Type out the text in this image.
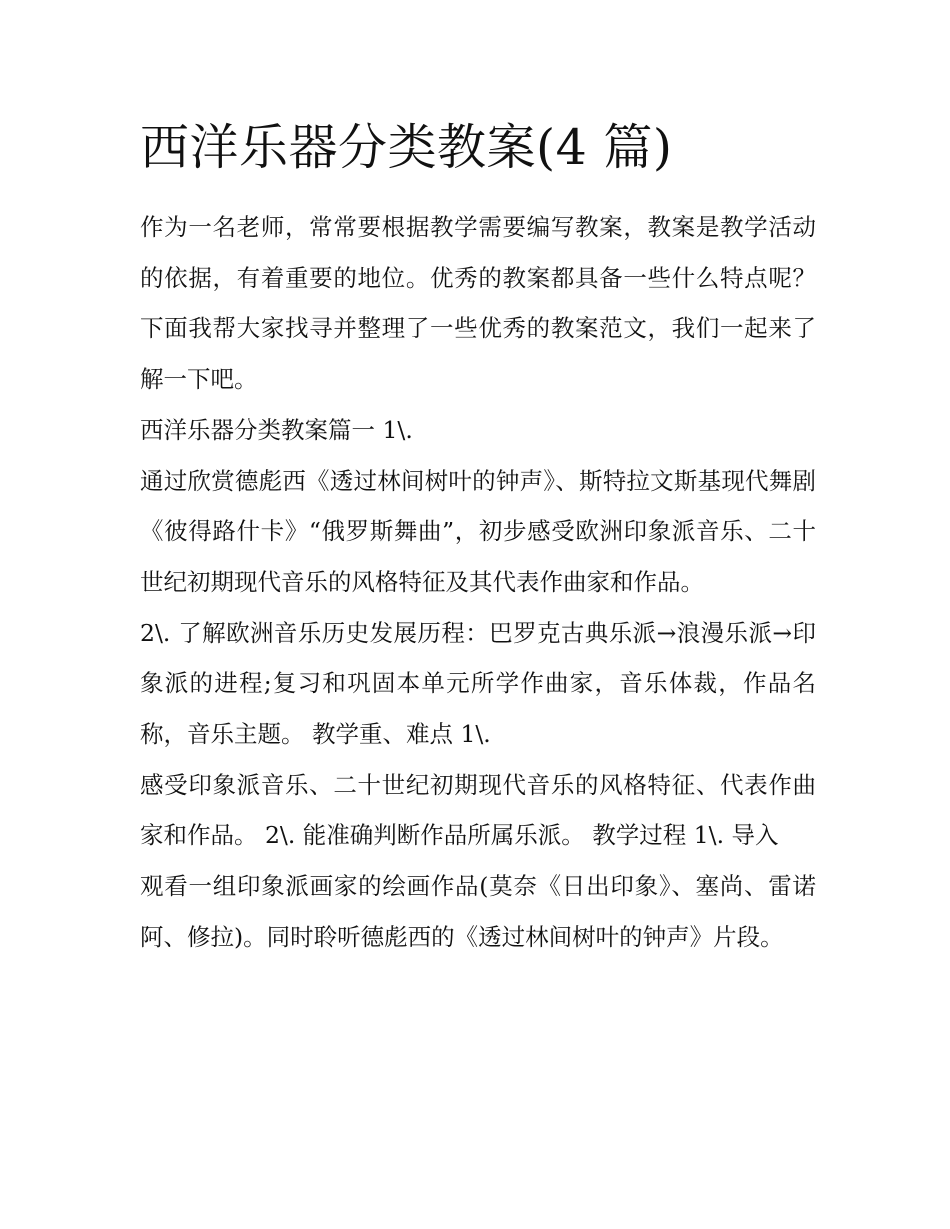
西洋乐器分类教案(4 篇)

作为一名老师，常常要根据教学需要编写教案，教案是教学活动的依据，有着重要的地位。优秀的教案都具备一些什么特点呢？下面我帮大家找寻并整理了一些优秀的教案范文，我们一起来了解一下吧。

西洋乐器分类教案篇一 1\.

通过欣赏德彪西《透过林间树叶的钟声》、斯特拉文斯基现代舞剧《彼得路什卡》“俄罗斯舞曲”，初步感受欧洲印象派音乐、二十世纪初期现代音乐的风格特征及其代表作曲家和作品。

2\. 了解欧洲音乐历史发展历程：巴罗克古典乐派→浪漫乐派→印象派的进程;复习和巩固本单元所学作曲家，音乐体裁，作品名称，音乐主题。 教学重、难点 1\.

感受印象派音乐、二十世纪初期现代音乐的风格特征、代表作曲家和作品。 2\. 能准确判断作品所属乐派。 教学过程 1\. 导入

观看一组印象派画家的绘画作品(莫奈《日出印象》、塞尚、雷诺阿、修拉)。同时聆听德彪西的《透过林间树叶的钟声》片段。
